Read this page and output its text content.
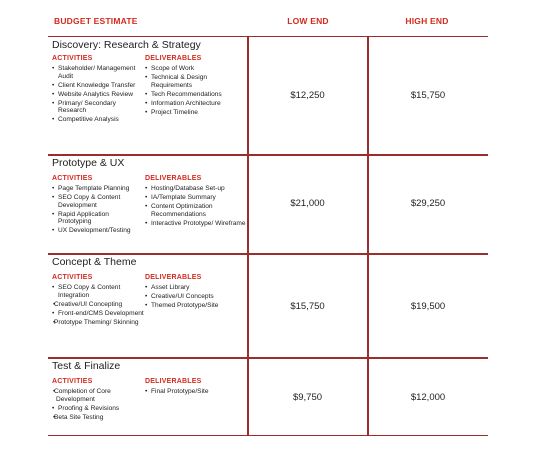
BUDGET ESTIMATE	LOW END	HIGH END
Discovery: Research & Strategy
ACTIVITIES
• Stakeholder/ Management Audit
• Client Knowledge Transfer
• Website Analytics Review
• Primary/ Secondary Research
• Competitive Analysis
DELIVERABLES
• Scope of Work
• Technical & Design Requirements
• Tech Recommendations
• Information Architecture
• Project Timeline
$12,250	$15,750
Prototype & UX
ACTIVITIES
• Page Template Planning
• SEO Copy & Content Development
• Rapid Application Prototyping
• UX Development/Testing
DELIVERABLES
• Hosting/Database Set-up
• IA/Template Summary
• Content Optimization Recommendations
• Interactive Prototype/ Wireframe
$21,000	$29,250
Concept & Theme
ACTIVITIES
• SEO Copy & Content Integration
• Creative/UI Concepting
• Front-end/CMS Development
• Prototype Theming/ Skinning
DELIVERABLES
• Asset Library
• Creative/UI Concepts
• Themed Prototype/Site	$15,750	$19,500
Test & Finalize
ACTIVITIES
• Completion of Core Development
• Proofing & Revisions
• Beta Site Testing
DELIVERABLES
• Final Prototype/Site
$9,750	$12,000
